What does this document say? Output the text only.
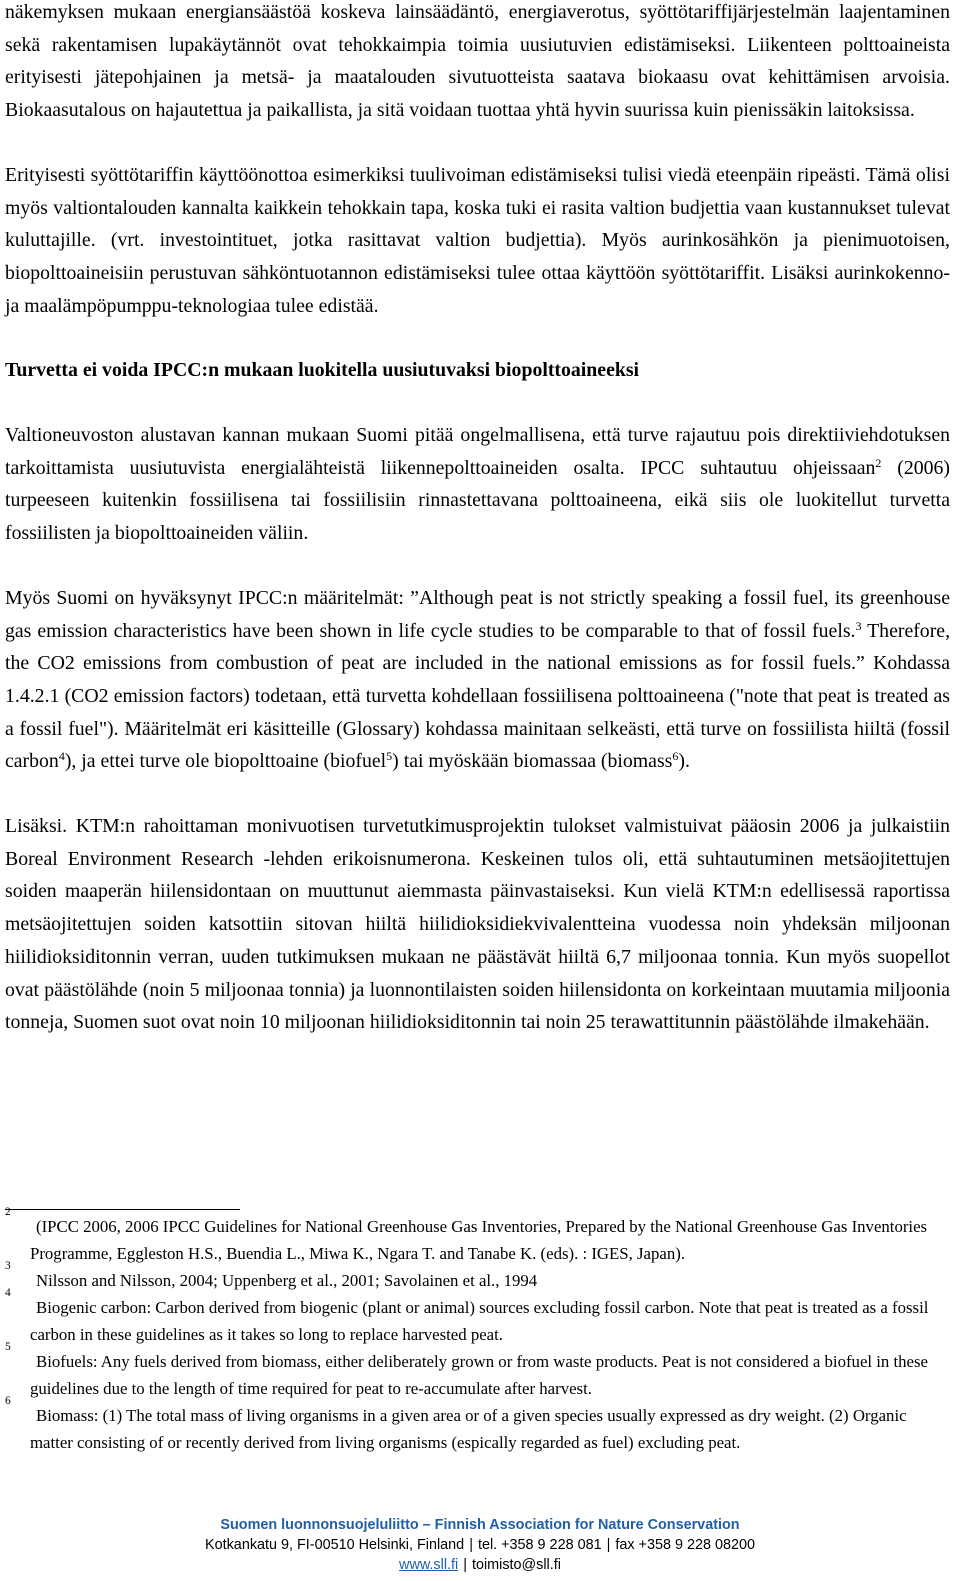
näkemyksen mukaan energiansäästöä koskeva lainsäädäntö, energiaverotus, syöttötariffijärjestelmän laajentaminen sekä rakentamisen lupakäytännöt ovat tehokkaimpia toimia uusiutuvien edistämiseksi. Liikenteen polttoaineista erityisesti jätepohjainen ja metsä- ja maatalouden sivutuotteista saatava biokaasu ovat kehittämisen arvoisia. Biokaasutalous on hajautettua ja paikallista, ja sitä voidaan tuottaa yhtä hyvin suurissa kuin pienissäkin laitoksissa.

Erityisesti syöttötariffin käyttöönottoa esimerkiksi tuulivoiman edistämiseksi tulisi viedä eteenpäin ripeästi. Tämä olisi myös valtiontalouden kannalta kaikkein tehokkain tapa, koska tuki ei rasita valtion budjettia vaan kustannukset tulevat kuluttajille. (vrt. investointituet, jotka rasittavat valtion budjettia). Myös aurinkosähkön ja pienimuotoisen, biopolttoaineisiin perustuvan sähköntuotannon edistämiseksi tulee ottaa käyttöön syöttötariffit. Lisäksi aurinkokenno- ja maalämpöpumppu-teknologiaa tulee edistää.

Turvetta ei voida IPCC:n mukaan luokitella uusiutuvaksi biopolttoaineeksi

Valtioneuvoston alustavan kannan mukaan Suomi pitää ongelmallisena, että turve rajautuu pois direktiiviehdotuksen tarkoittamista uusiutuvista energialähteistä liikennepolttoaineiden osalta. IPCC suhtautuu ohjeissaan$^2$ (2006) turpeeseen kuitenkin fossiilisena tai fossiilisiin rinnastettavana polttoaineena, eikä siis ole luokitellut turvetta fossiilisten ja biopolttoaineiden väliin.

Myös Suomi on hyväksynyt IPCC:n määritelmät: ”Although peat is not strictly speaking a fossil fuel, its greenhouse gas emission characteristics have been shown in life cycle studies to be comparable to that of fossil fuels.$^3$ Therefore, the CO2 emissions from combustion of peat are included in the national emissions as for fossil fuels.” Kohdassa 1.4.2.1 (CO2 emission factors) todetaan, että turvetta kohdellaan fossiilisena polttoaineena ("note that peat is treated as a fossil fuel"). Määritelmät eri käsitteille (Glossary) kohdassa mainitaan selkeästi, että turve on fossiilista hiiltä (fossil carbon$^4$), ja ettei turve ole biopolttoaine (biofuel$^5$) tai myöskään biomassaa (biomass$^6$).

Lisäksi. KTM:n rahoittaman monivuotisen turvetutkimusprojektin tulokset valmistuivat pääosin 2006 ja julkaistiin Boreal Environment Research -lehden erikoisnumerona. Keskeinen tulos oli, että suhtautuminen metsäojitettujen soiden maaperän hiilensidontaan on muuttunut aiemmasta päinvastaiseksi. Kun vielä KTM:n edellisessä raportissa metsäojitettujen soiden katsottiin sitovan hiiltä hiilidioksidiekvivalentteina vuodessa noin yhdeksän miljoonan hiilidioksiditonnin verran, uuden tutkimuksen mukaan ne päästävät hiiltä 6,7 miljoonaa tonnia. Kun myös suopellot ovat päästölähde (noin 5 miljoonaa tonnia) ja luonnontilaisten soiden hiilensidonta on korkeintaan muutamia miljoonia tonneja, Suomen suot ovat noin 10 miljoonan hiilidioksiditonnin tai noin 25 terawattitunnin päästölähde ilmakehään.

2
(IPCC 2006, 2006 IPCC Guidelines for National Greenhouse Gas Inventories, Prepared by the National Greenhouse Gas Inventories Programme, Eggleston H.S., Buendia L., Miwa K., Ngara T. and Tanabe K. (eds). : IGES, Japan).
3
Nilsson and Nilsson, 2004; Uppenberg et al., 2001; Savolainen et al., 1994
4
Biogenic carbon: Carbon derived from biogenic (plant or animal) sources excluding fossil carbon. Note that peat is treated as a fossil carbon in these guidelines as it takes so long to replace harvested peat.
5
Biofuels: Any fuels derived from biomass, either deliberately grown or from waste products. Peat is not considered a biofuel in these guidelines due to the length of time required for peat to re-accumulate after harvest.
6
Biomass: (1) The total mass of living organisms in a given area or of a given species usually expressed as dry weight. (2) Organic matter consisting of or recently derived from living organisms (espically regarded as fuel) excluding peat.
Suomen luonnonsuojeluliitto – Finnish Association for Nature Conservation
Kotkankatu 9, FI-00510 Helsinki, Finland | tel. +358 9 228 081 | fax +358 9 228 08200
www.sll.fi | toimisto@sll.fi
